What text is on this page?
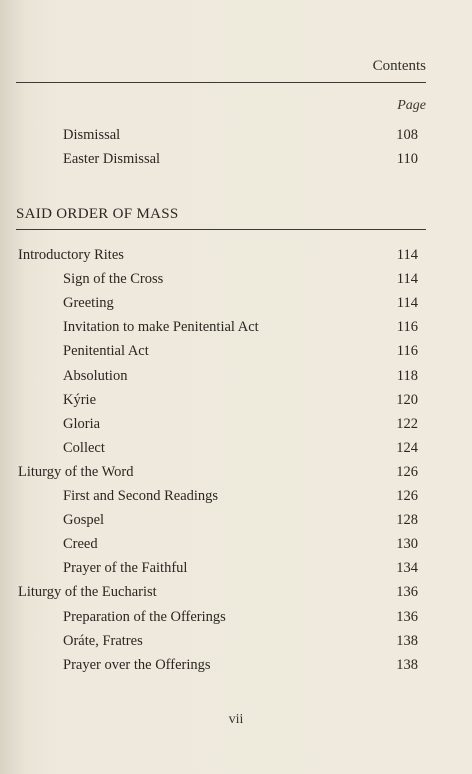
Contents
Page
Dismissal	108
Easter Dismissal	110
SAID ORDER OF MASS
Introductory Rites	114
Sign of the Cross	114
Greeting	114
Invitation to make Penitential Act	116
Penitential Act	116
Absolution	118
Kýrie	120
Gloria	122
Collect	124
Liturgy of the Word	126
First and Second Readings	126
Gospel	128
Creed	130
Prayer of the Faithful	134
Liturgy of the Eucharist	136
Preparation of the Offerings	136
Oráte, Fratres	138
Prayer over the Offerings	138
vii
